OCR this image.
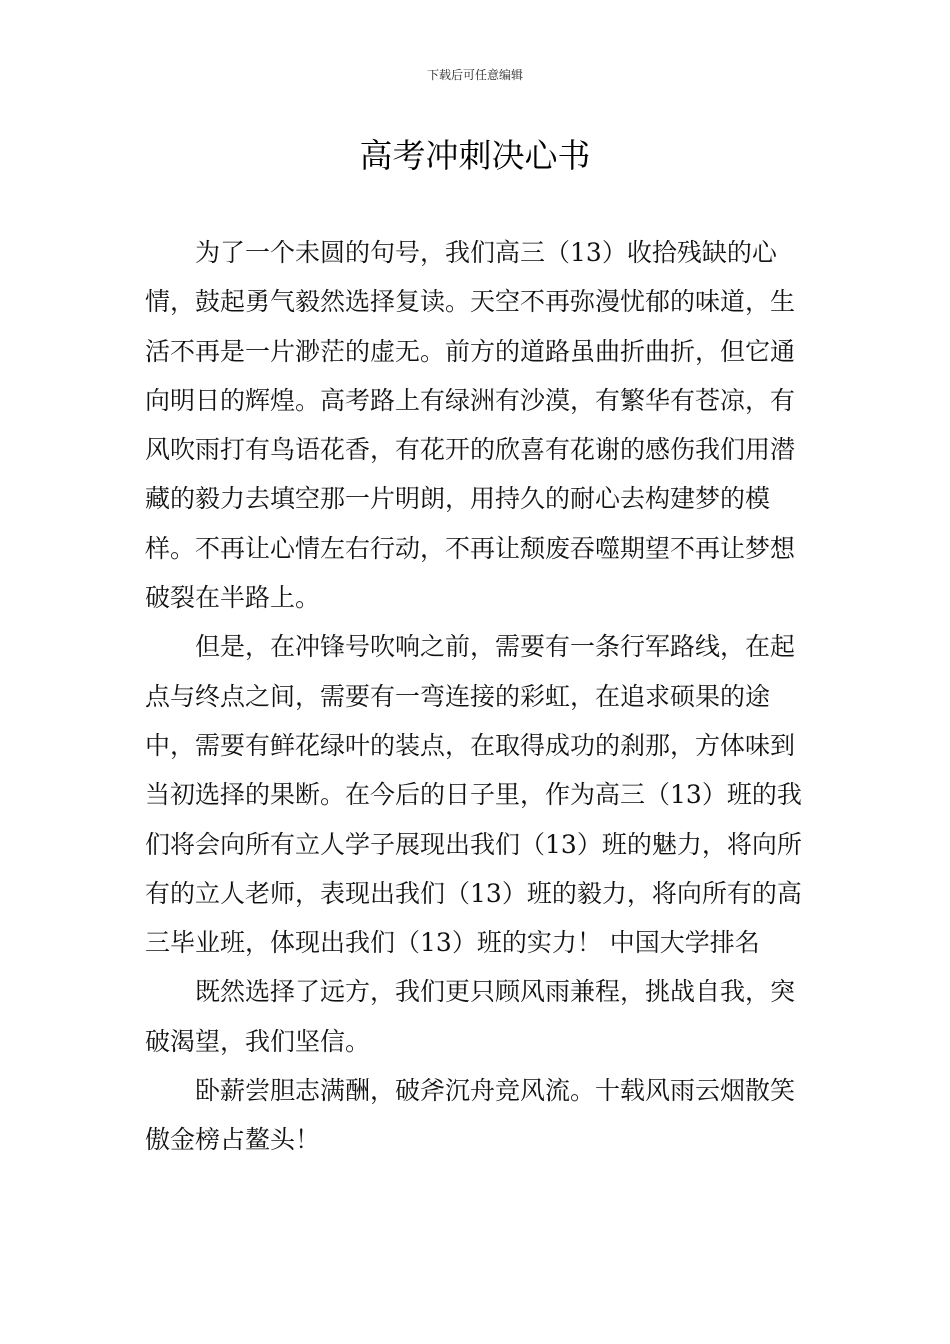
下载后可任意编辑
高考冲刺决心书

为了一个未圆的句号，我们高三（13）收拾残缺的心情，鼓起勇气毅然选择复读。天空不再弥漫忧郁的味道，生活不再是一片渺茫的虚无。前方的道路虽曲折曲折，但它通向明日的辉煌。高考路上有绿洲有沙漠，有繁华有苍凉，有风吹雨打有鸟语花香，有花开的欣喜有花谢的感伤我们用潜藏的毅力去填空那一片明朗，用持久的耐心去构建梦的模样。不再让心情左右行动，不再让颓废吞噬期望不再让梦想破裂在半路上。

但是，在冲锋号吹响之前，需要有一条行军路线，在起点与终点之间，需要有一弯连接的彩虹，在追求硕果的途中，需要有鲜花绿叶的装点，在取得成功的刹那，方体味到当初选择的果断。在今后的日子里，作为高三（13）班的我们将会向所有立人学子展现出我们（13）班的魅力，将向所有的立人老师，表现出我们（13）班的毅力，将向所有的高三毕业班，体现出我们（13）班的实力！ 中国大学排名

既然选择了远方，我们更只顾风雨兼程，挑战自我，突破渴望，我们坚信。

卧薪尝胆志满酬，破斧沉舟竞风流。十载风雨云烟散笑傲金榜占鳌头！
